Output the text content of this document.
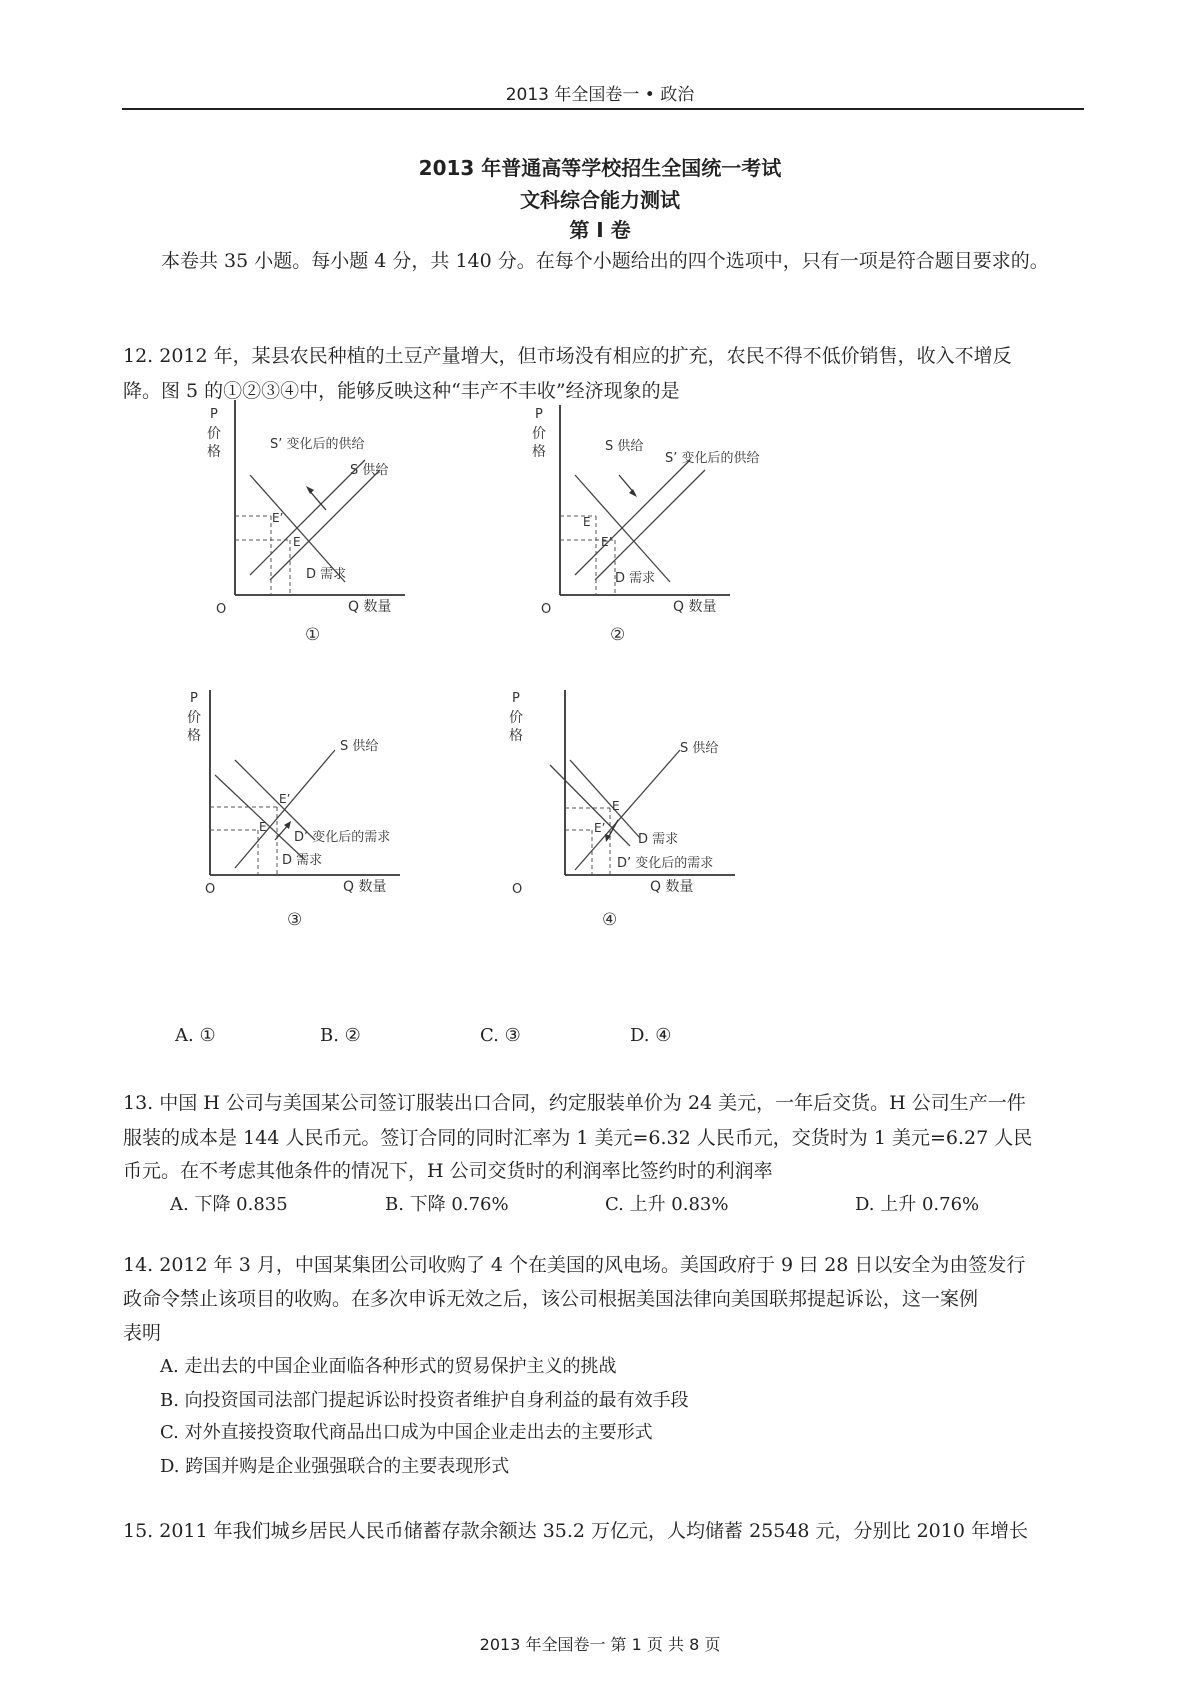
2013 年全国卷一 • 政治
2013 年普通高等学校招生全国统一考试
文科综合能力测试
第 I 卷

本卷共 35 小题。每小题 4 分，共 140 分。在每个小题给出的四个选项中，只有一项是符合题目要求的。

12. 2012 年，某县农民种植的土豆产量增大，但市场没有相应的扩充，农民不得不低价销售，收入不增反
降。图 5 的①②③④中，能够反映这种“丰产不丰收”经济现象的是
P
价
格
O	Q 数量
E’
E
S’ 变化后的供给
S 供给
D 需求
①
P
价
格
O	Q 数量
E
E’
S 供给
S’ 变化后的供给
D 需求
②
P
价
格
O	Q 数量
E’
E
S 供给
D’ 变化后的需求
D 需求
③
P
价
格
O	Q 数量
E
E’
S 供给
D 需求
D’ 变化后的需求
④
A. ①	B. ②	C. ③	D. ④
13. 中国 H 公司与美国某公司签订服装出口合同，约定服装单价为 24 美元，一年后交货。H 公司生产一件
服装的成本是 144 人民币元。签订合同的同时汇率为 1 美元=6.32 人民币元，交货时为 1 美元=6.27 人民
币元。在不考虑其他条件的情况下，H 公司交货时的利润率比签约时的利润率
A. 下降 0.835	B. 下降 0.76%	C. 上升 0.83%	D. 上升 0.76%
14. 2012 年 3 月，中国某集团公司收购了 4 个在美国的风电场。美国政府于 9 曰 28 日以安全为由签发行
政命令禁止该项目的收购。在多次申诉无效之后，该公司根据美国法律向美国联邦提起诉讼，这一案例
表明
A. 走出去的中国企业面临各种形式的贸易保护主义的挑战
B. 向投资国司法部门提起诉讼时投资者维护自身利益的最有效手段
C. 对外直接投资取代商品出口成为中国企业走出去的主要形式
D. 跨国并购是企业强强联合的主要表现形式
15. 2011 年我们城乡居民人民币储蓄存款余额达 35.2 万亿元，人均储蓄 25548 元，分别比 2010 年增长
2013 年全国卷一 第 1 页 共 8 页
